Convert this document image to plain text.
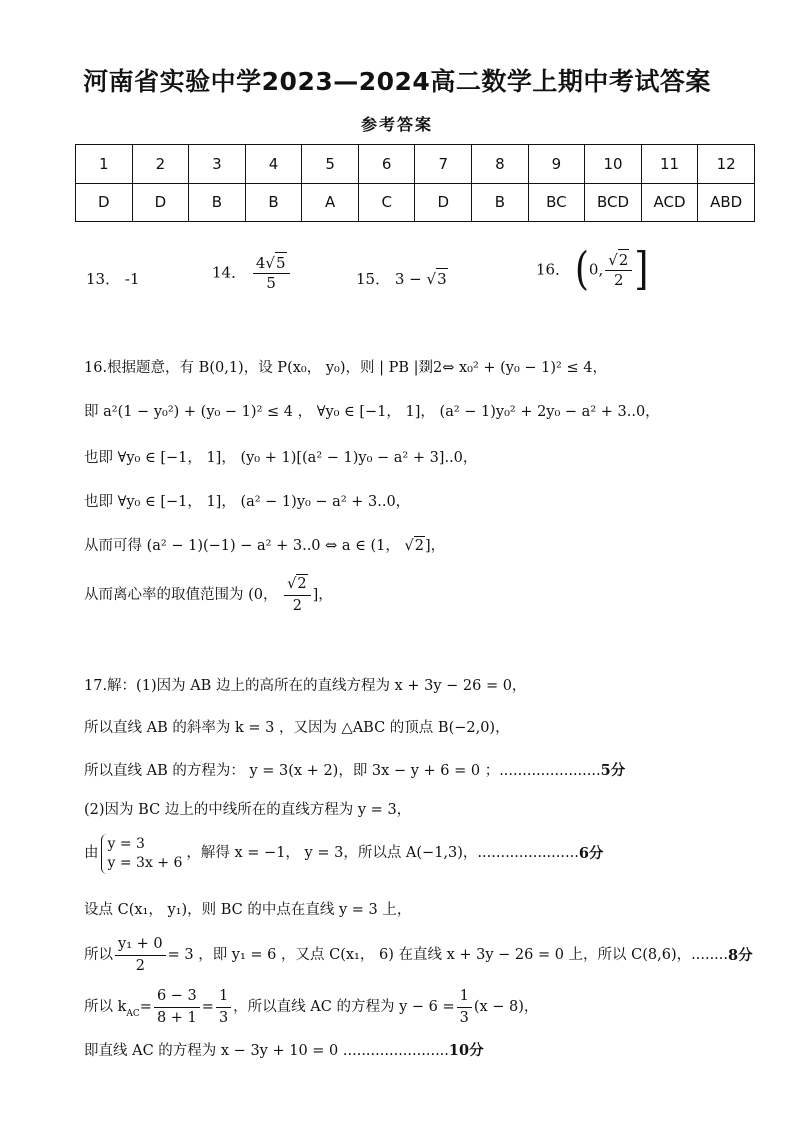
河南省实验中学2023—2024高二数学上期中考试答案
参考答案
1	2	3	4	5	6	7	8	9	10	11	12
D	D	B	B	A	C	D	B	BC	BCD	ACD	ABD
13． -1	14． $\frac{4√5}{5}$	15． 3 − √3
16． (0, $\frac{√2}{2}$ ]
16.根据题意，有 B(0,1)，设 P(x₀， y₀)，则 | PB |剟2⇔ x₀² + (y₀ − 1)² ≤ 4，
即 a²(1 − y₀²) + (y₀ − 1)² ≤ 4 ， ∀y₀ ∈ [−1， 1]， (a² − 1)y₀² + 2y₀ − a² + 3..0，
也即 ∀y₀ ∈ [−1， 1]， (y₀ + 1)[(a² − 1)y₀ − a² + 3]..0，
也即 ∀y₀ ∈ [−1， 1]， (a² − 1)y₀ − a² + 3..0，
从而可得 (a² − 1)(−1) − a² + 3..0 ⇔ a ∈ (1， √2]，
从而离心率的取值范围为 (0， $\frac{√2}{2}$ ]，
17.解：(1)因为 AB 边上的高所在的直线方程为 x + 3y − 26 = 0，
所以直线 AB 的斜率为 k = 3 ，又因为 △ABC 的顶点 B(−2,0)，
所以直线 AB 的方程为： y = 3(x + 2)，即 3x − y + 6 = 0 ；......................5分
(2)因为 BC 边上的中线所在的直线方程为 y = 3，
由
y = 3
y = 3x + 6
，解得 x = −1， y = 3，所以点 A(−1,3)，......................6分
设点 C(x₁， y₁)，则 BC 的中点在直线 y = 3 上，
所以 $\frac{\text{y₁ + 0}}{2} = 3$ ，即 y₁ = 6 ，又点 C(x₁， 6) 在直线 x + 3y − 26 = 0 上，所以 C(8,6)，........8分
所以 $k_{AC}= \frac{6 - 3}{8 + 1} = \frac{1}{3}$ ，所以直线 AC 的方程为 $y - 6 = \frac{1}{3} (x - 8)$，
即直线 AC 的方程为 x − 3y + 10 = 0 .......................10分
